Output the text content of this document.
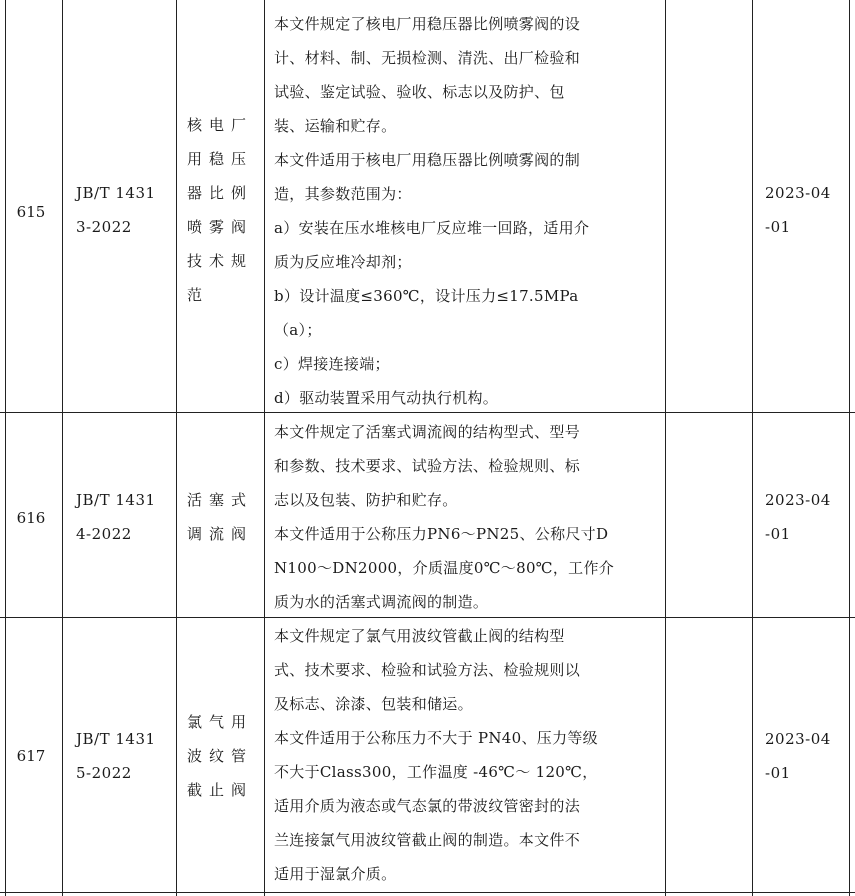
615
JB/T 1431
3-2022
核电厂
用稳压
器比例
喷雾阀
技术规
范
本文件规定了核电厂用稳压器比例喷雾阀的设
计、材料、制、无损检测、清洗、出厂检验和
试验、鉴定试验、验收、标志以及防护、包
装、运输和贮存。
本文件适用于核电厂用稳压器比例喷雾阀的制
造，其参数范围为：
a）安装在压水堆核电厂反应堆一回路，适用介
质为反应堆冷却剂；
b）设计温度≤360℃，设计压力≤17.5MPa
（a）；
c）焊接连接端；
d）驱动装置采用气动执行机构。
2023-04
-01
616
JB/T 1431
4-2022
活塞式
调流阀
本文件规定了活塞式调流阀的结构型式、型号
和参数、技术要求、试验方法、检验规则、标
志以及包装、防护和贮存。
本文件适用于公称压力PN6～PN25、公称尺寸D
N100～DN2000，介质温度0℃～80℃，工作介
质为水的活塞式调流阀的制造。
2023-04
-01
617
JB/T 1431
5-2022
氯气用
波纹管
截止阀
本文件规定了氯气用波纹管截止阀的结构型
式、技术要求、检验和试验方法、检验规则以
及标志、涂漆、包装和储运。
本文件适用于公称压力不大于 PN40、压力等级
不大于Class300，工作温度 -46℃～ 120℃，
适用介质为液态或气态氯的带波纹管密封的法
兰连接氯气用波纹管截止阀的制造。本文件不
适用于湿氯介质。
2023-04
-01
